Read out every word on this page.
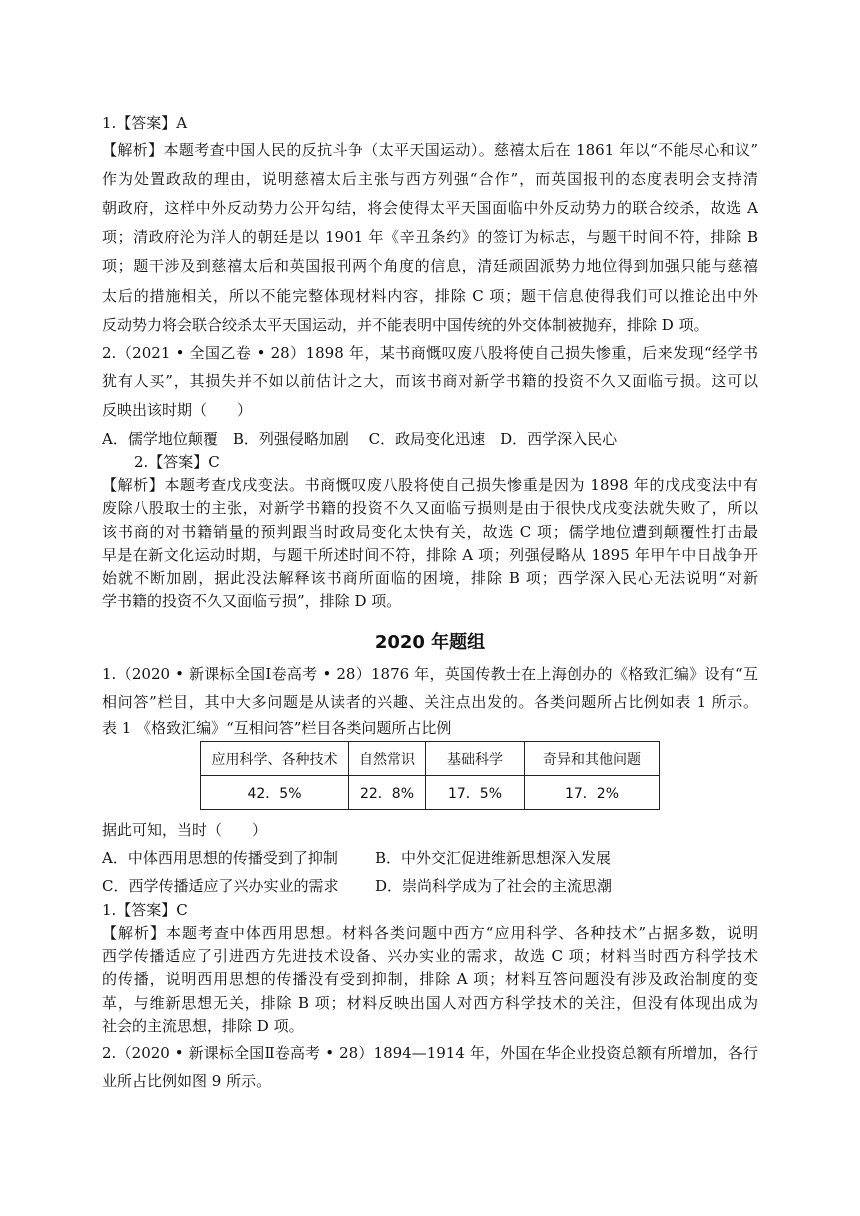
1.【答案】A
【解析】本题考查中国人民的反抗斗争（太平天国运动）。慈禧太后在 1861 年以“不能尽心和议”
作为处置政敌的理由，说明慈禧太后主张与西方列强“合作”，而英国报刊的态度表明会支持清
朝政府，这样中外反动势力公开勾结，将会使得太平天国面临中外反动势力的联合绞杀，故选 A
项；清政府沦为洋人的朝廷是以 1901 年《辛丑条约》的签订为标志，与题干时间不符，排除 B
项；题干涉及到慈禧太后和英国报刊两个角度的信息，清廷顽固派势力地位得到加强只能与慈禧
太后的措施相关，所以不能完整体现材料内容，排除 C 项；题干信息使得我们可以推论出中外
反动势力将会联合绞杀太平天国运动，并不能表明中国传统的外交体制被抛弃，排除 D 项。
2.（2021 • 全国乙卷 • 28）1898 年，某书商慨叹废八股将使自己损失惨重，后来发现“经学书
犹有人买”，其损失并不如以前估计之大，而该书商对新学书籍的投资不久又面临亏损。这可以
反映出该时期（　　）
A．儒学地位颠覆　B．列强侵略加剧　 C．政局变化迅速　D．西学深入民心
2.【答案】C
【解析】本题考查戊戌变法。书商慨叹废八股将使自己损失惨重是因为 1898 年的戊戌变法中有
废除八股取士的主张，对新学书籍的投资不久又面临亏损则是由于很快戊戌变法就失败了，所以
该书商的对书籍销量的预判跟当时政局变化太快有关，故选 C 项；儒学地位遭到颠覆性打击最
早是在新文化运动时期，与题干所述时间不符，排除 A 项；列强侵略从 1895 年甲午中日战争开
始就不断加剧，据此没法解释该书商所面临的困境，排除 B 项；西学深入民心无法说明“对新
学书籍的投资不久又面临亏损”，排除 D 项。
2020 年题组
1.（2020 • 新课标全国Ⅰ卷高考 • 28）1876 年，英国传教士在上海创办的《格致汇编》设有“互
相问答”栏目，其中大多问题是从读者的兴趣、关注点出发的。各类问题所占比例如表 1 所示。
表 1 《格致汇编》“互相问答”栏目各类问题所占比例
应用科学、各种技术	自然常识	基础科学	奇异和其他问题
42．5%	22．8%	17．5%	17．2%
据此可知，当时（　　）
A．中体西用思想的传播受到了抑制 B．中外交汇促进维新思想深入发展
C．西学传播适应了兴办实业的需求 D．崇尚科学成为了社会的主流思潮
1.【答案】C
【解析】本题考查中体西用思想。材料各类问题中西方“应用科学、各种技术”占据多数，说明
西学传播适应了引进西方先进技术设备、兴办实业的需求，故选 C 项；材料当时西方科学技术
的传播，说明西用思想的传播没有受到抑制，排除 A 项；材料互答问题没有涉及政治制度的变
革，与维新思想无关，排除 B 项；材料反映出国人对西方科学技术的关注，但没有体现出成为
社会的主流思想，排除 D 项。
2.（2020 • 新课标全国Ⅱ卷高考 • 28）1894—1914 年，外国在华企业投资总额有所增加，各行
业所占比例如图 9 所示。
